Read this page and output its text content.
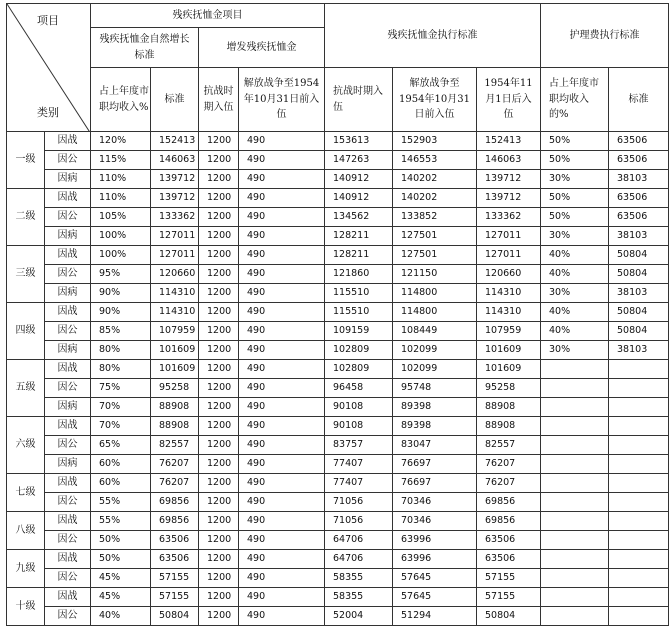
项目
类别		残疾抚恤金项目				残疾抚恤金执行标准			护理费执行标准	
		残疾抚恤金自然增长标准		增发残疾抚恤金						
		占上年度市职均收入%	标准	抗战时期入伍	解放战争至1954年10月31日前入伍	抗战时期入伍	解放战争至1954年10月31日前入伍	1954年11月1日后入伍	占上年度市职均收入的%	标准
一级	因战	120%	152413	1200	490	153613	152903	152413	50%	63506
	因公	115%	146063	1200	490	147263	146553	146063	50%	63506
	因病	110%	139712	1200	490	140912	140202	139712	30%	38103
二级	因战	110%	139712	1200	490	140912	140202	139712	50%	63506
	因公	105%	133362	1200	490	134562	133852	133362	50%	63506
	因病	100%	127011	1200	490	128211	127501	127011	30%	38103
三级	因战	100%	127011	1200	490	128211	127501	127011	40%	50804
	因公	95%	120660	1200	490	121860	121150	120660	40%	50804
	因病	90%	114310	1200	490	115510	114800	114310	30%	38103
四级	因战	90%	114310	1200	490	115510	114800	114310	40%	50804
	因公	85%	107959	1200	490	109159	108449	107959	40%	50804
	因病	80%	101609	1200	490	102809	102099	101609	30%	38103
五级	因战	80%	101609	1200	490	102809	102099	101609		
	因公	75%	95258	1200	490	96458	95748	95258		
	因病	70%	88908	1200	490	90108	89398	88908		
六级	因战	70%	88908	1200	490	90108	89398	88908		
	因公	65%	82557	1200	490	83757	83047	82557		
	因病	60%	76207	1200	490	77407	76697	76207		
七级	因战	60%	76207	1200	490	77407	76697	76207		
	因公	55%	69856	1200	490	71056	70346	69856		
八级	因战	55%	69856	1200	490	71056	70346	69856		
	因公	50%	63506	1200	490	64706	63996	63506		
九级	因战	50%	63506	1200	490	64706	63996	63506		
	因公	45%	57155	1200	490	58355	57645	57155		
十级	因战	45%	57155	1200	490	58355	57645	57155		
	因公	40%	50804	1200	490	52004	51294	50804		
